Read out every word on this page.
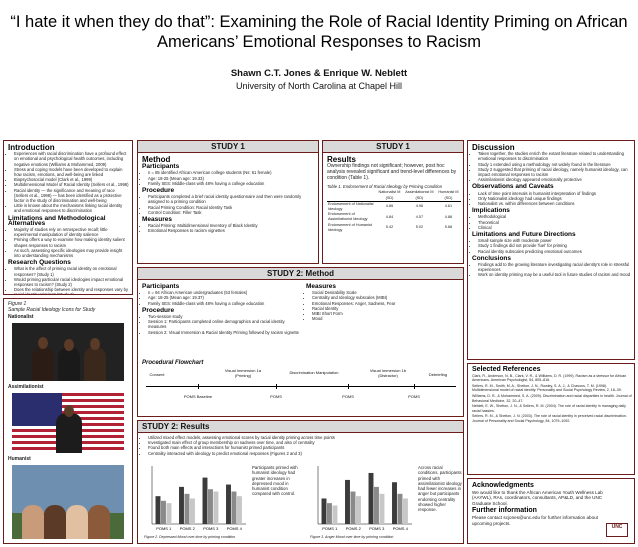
“I hate it when they do that”: Examining the Role of Racial Identity Priming on African Americans’ Emotional Responses to Racism
Shawn C.T. Jones & Enrique W. Neblett
University of North Carolina at Chapel Hill
Introduction
• Experiences with racial discrimination have a profound effect on emotional and psychological health outcomes, including negative emotions (Williams & Mohammed, 2009)
• Stress and coping models have been developed to explain how racism, emotions, and well-being are linked
• Biopsychosocial model (Clark et al., 1999)
• Multidimensional Model of Racial Identity (Sellers et al., 1998)
• Racial identity — the significance and meaning of race (Sellers et al., 1998) — has been identified as a protective factor in the study of discrimination and well-being
• Little is known about the mechanisms linking racial identity and emotional responses to discrimination
Limitations and Methodological Alternatives
• Majority of studies rely on retrospective recall; little experimental manipulation of identity salience
• Priming offers a way to examine how making identity salient shapes responses to racism
• As such, assessing specific ideologies may provide insight into understanding mechanisms
Research Questions
• What is the affect of priming racial identity on emotional responses? (Study 1)
• Would priming particular racial ideologies impact emotional responses to racism? (Study 2)
• Does the relationship between identity and responses vary by racial identity priming? (Study 2)
Figure 1
Sample Racial Ideology Icons for Study
Nationalist
Assimilationist
Humanist
STUDY 1
Method
Participants
• n = 85 identified African American college students (Ns: 61 female)
• Age: 18-25 (Mean age: 19.33)
• Family SES: Middle-class with 48% having a college education
Procedure
• Participants completed a brief racial identity questionnaire and then were randomly assigned to a priming condition
• Racial Priming Condition: Racial Identity Task
• Control Condition: Filler Task
Measures
• Racial Priming: Multidimensional Inventory of Black Identity
• Emotional Responses to racism vignettes
STUDY 1
Results

Ownership findings not significant; however, post hoc analysis revealed significant and trend-level differences by condition (Table 1).

Table 1. Endorsement of Racial Ideology by Priming Condition

	Nationalist M (SD)	Assimilationist M (SD)	Humanist M (SD)
Endorsement of Nationalist Ideology	4.86	4.96	4.61
Endorsement of Assimilationist Ideology	4.84	4.57	4.88
Endorsement of Humanist Ideology	5.42	5.02	5.68
STUDY 2: Method
Participants
• n = 94 African American undergraduates (53 females)
• Age: 18-25 (Mean age: 19.37)
• Family SES: Middle-class with 48% having a college education
Procedure
• Two-session study
• Session 1: Participants completed online demographics and racial identity measures
• Session 2: Visual Immersion & Racial Identity Priming followed by racism vignette
Measures
• Social Desirability Scale
• Centrality and Ideology subscales (MIBI)
• Emotional Responses: Anger, Sadness, Fear
• Racial Identity
• MIBI Short Form
• Mood
Procedural Flowchart
Consent
Visual Immersion 1a (Priming)
Discrimination Manipulation	Visual Immersion 1b (Distractor)	Debriefing
POMS Baseline	POMS	POMS	POMS
STUDY 2: Results
• Utilized mixed effect models, assessing emotional scores by racial identity priming across time points
• Investigated main effect of group membership on sadness over time, and also of centrality
• Found both main effects and interactions for humanist primed participants
• Centrality interacted with ideology to predict emotional responses (Figures 2 and 3)
POMS 1 POMS 2 POMS 3 POMS 4
Participants primed with humanist ideology had greater increases in depressed mood in humanist condition compared with control.
POMS 1 POMS 2 POMS 3 POMS 4
Across racial conditions, participants primed with assimilationist ideology had fewer increases in anger but participants endorsing centrality showed higher response.
Figure 2. Depressed Mood over time by priming condition	Figure 3. Anger Mood over time by priming condition
Discussion
• Taken together, the studies enrich the extant literature related to understanding emotional responses to discrimination
• Study 1 extended using a methodology not widely found in the literature
• Study 2 suggested that priming of racial ideology, namely humanist ideology, can impact emotional responses to racism
• Assimilationist ideology appeared emotionally protective
Observations and Caveats
• Lack of time point intervals in humanist interpretation of findings
• Only Nationalist ideology had unique findings
• Nationalist vs. within differences between conditions
Implications
• Methodological
• Theoretical
• Clinical
Limitations and Future Directions
• Small sample size with moderate power
• Study 1 findings did not provide 'fuel' for priming
• Racial identity subscales predicting emotional outcomes
Conclusions
• Findings add to the growing literature investigating racial identity's role in stressful experiences
• Work on identity priming may be a useful tool in future studies of racism and mood
Selected References

Clark, R., Anderson, N. B., Clark, V. R., & Williams, D. R. (1999). Racism as a stressor for African Americans. American Psychologist, 54, 805–816.

Sellers, R. M., Smith, M. A., Shelton, J. N., Rowley, S. A. J., & Chavous, T. M. (1998). Multidimensional model of racial identity. Personality and Social Psychology Review, 2, 18–39.

Williams, D. R., & Mohammed, S. A. (2009). Discrimination and racial disparities in health. Journal of Behavioral Medicine, 32, 20–47.

Neblett, E. W., Shelton, J. N., & Sellers, R. M. (2004). The role of racial identity in managing daily racial hassles.

Sellers, R. M., & Shelton, J. N. (2003). The role of racial identity in perceived racial discrimination. Journal of Personality and Social Psychology, 84, 1079–1092.

Acknowledgments

We would like to thank the African American Youth Wellness Lab (AAYWL), RAs, coordinators, consultants, AP&LD, and the UNC Graduate School.

Further information

Please contact scjones@unc.edu for further information about upcoming projects.

UNC
